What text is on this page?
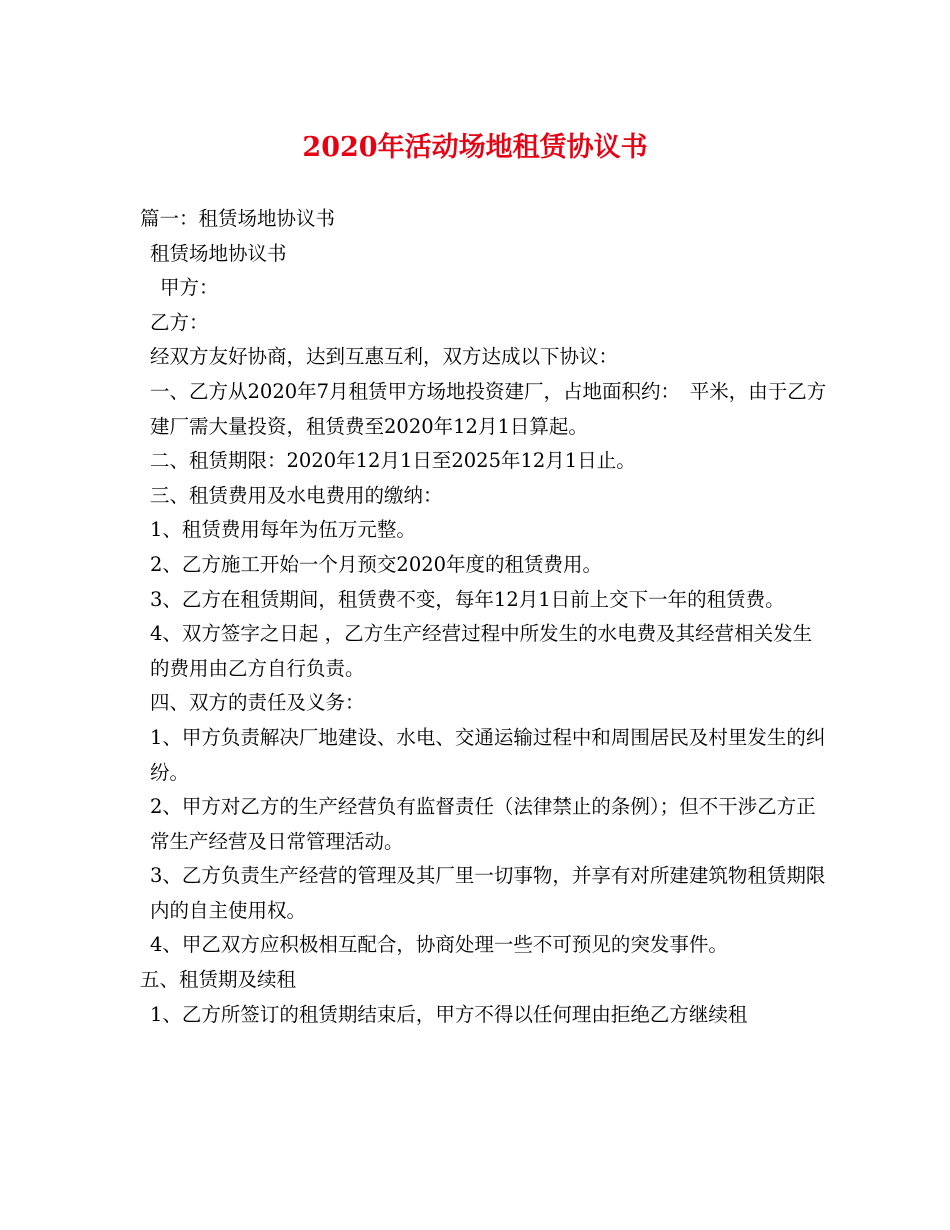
2020年活动场地租赁协议书

篇一：租赁场地协议书

租赁场地协议书

甲方：

乙方：

经双方友好协商，达到互惠互利，双方达成以下协议：

一、乙方从2020年7月租赁甲方场地投资建厂，占地面积约：　平米，由于乙方建厂需大量投资，租赁费至2020年12月1日算起。

二、租赁期限：2020年12月1日至2025年12月1日止。

三、租赁费用及水电费用的缴纳：

1、租赁费用每年为伍万元整。

2、乙方施工开始一个月预交2020年度的租赁费用。

3、乙方在租赁期间，租赁费不变，每年12月1日前上交下一年的租赁费。

4、双方签字之日起 ，乙方生产经营过程中所发生的水电费及其经营相关发生的费用由乙方自行负责。

四、双方的责任及义务：

1、甲方负责解决厂地建设、水电、交通运输过程中和周围居民及村里发生的纠纷。

2、甲方对乙方的生产经营负有监督责任（法律禁止的条例）；但不干涉乙方正常生产经营及日常管理活动。

3、乙方负责生产经营的管理及其厂里一切事物，并享有对所建建筑物租赁期限内的自主使用权。

4、甲乙双方应积极相互配合，协商处理一些不可预见的突发事件。

五、租赁期及续租

1、乙方所签订的租赁期结束后，甲方不得以任何理由拒绝乙方继续租
